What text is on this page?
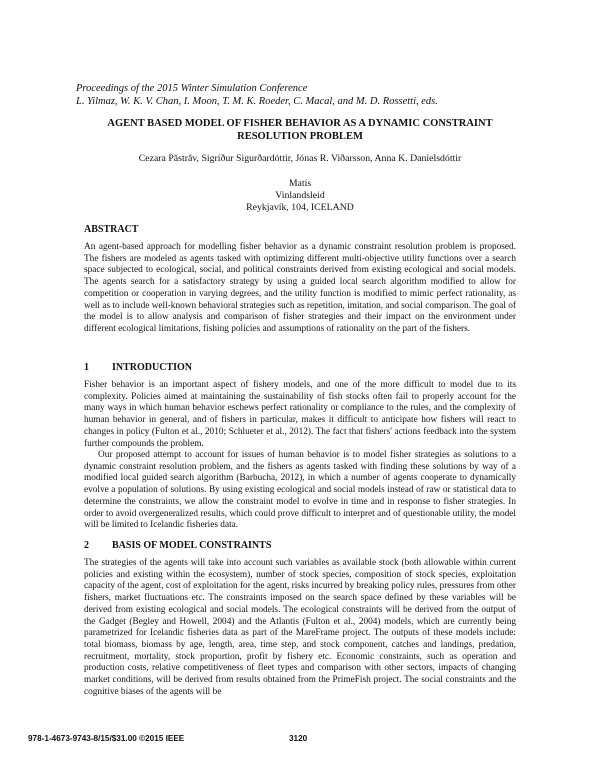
Proceedings of the 2015 Winter Simulation Conference
L. Yilmaz, W. K. V. Chan, I. Moon, T. M. K. Roeder, C. Macal, and M. D. Rossetti, eds.
AGENT BASED MODEL OF FISHER BEHAVIOR AS A DYNAMIC CONSTRAINT
RESOLUTION PROBLEM
Cezara Păstrăv, Sigríður Sigurðardóttir, Jónas R. Viðarsson, Anna K. Daníelsdóttir
Matís
Vinlandsleid
Reykjavík, 104, ICELAND
ABSTRACT
An agent-based approach for modelling fisher behavior as a dynamic constraint resolution problem is proposed. The fishers are modeled as agents tasked with optimizing different multi-objective utility functions over a search space subjected to ecological, social, and political constraints derived from existing ecological and social models. The agents search for a satisfactory strategy by using a guided local search algorithm modified to allow for competition or cooperation in varying degrees, and the utility function is modified to mimic perfect rationality, as well as to include well-known behavioral strategies such as repetition, imitation, and social comparison. The goal of the model is to allow analysis and comparison of fisher strategies and their impact on the environment under different ecological limitations, fishing policies and assumptions of rationality on the part of the fishers.
1 INTRODUCTION
Fisher behavior is an important aspect of fishery models, and one of the more difficult to model due to its complexity. Policies aimed at maintaining the sustainability of fish stocks often fail to properly account for the many ways in which human behavior eschews perfect rationality or compliance to the rules, and the complexity of human behavior in general, and of fishers in particular, makes it difficult to anticipate how fishers will react to changes in policy (Fulton et al., 2010; Schlueter et al., 2012). The fact that fishers' actions feedback into the system further compounds the problem.
Our proposed attempt to account for issues of human behavior is to model fisher strategies as solutions to a dynamic constraint resolution problem, and the fishers as agents tasked with finding these solutions by way of a modified local guided search algorithm (Barbucha, 2012), in which a number of agents cooperate to dynamically evolve a population of solutions. By using existing ecological and social models instead of raw or statistical data to determine the constraints, we allow the constraint model to evolve in time and in response to fisher strategies. In order to avoid overgeneralized results, which could prove difficult to interpret and of questionable utility, the model will be limited to Icelandic fisheries data.
2 BASIS OF MODEL CONSTRAINTS
The strategies of the agents will take into account such variables as available stock (both allowable within current policies and existing within the ecosystem), number of stock species, composition of stock species, exploitation capacity of the agent, cost of exploitation for the agent, risks incurred by breaking policy rules, pressures from other fishers, market fluctuations etc. The constraints imposed on the search space defined by these variables will be derived from existing ecological and social models. The ecological constraints will be derived from the output of the Gadget (Begley and Howell, 2004) and the Atlantis (Fulton et al., 2004) models, which are currently being parametrized for Icelandic fisheries data as part of the MareFrame project. The outputs of these models include: total biomass, biomass by age, length, area, time step, and stock component, catches and landings, predation, recruitment, mortality, stock proportion, profit by fishery etc. Economic constraints, such as operation and production costs, relative competitiveness of fleet types and comparison with other sectors, impacts of changing market conditions, will be derived from results obtained from the PrimeFish project. The social constraints and the cognitive biases of the agents will be
978-1-4673-9743-8/15/$31.00 ©2015 IEEE	3120
